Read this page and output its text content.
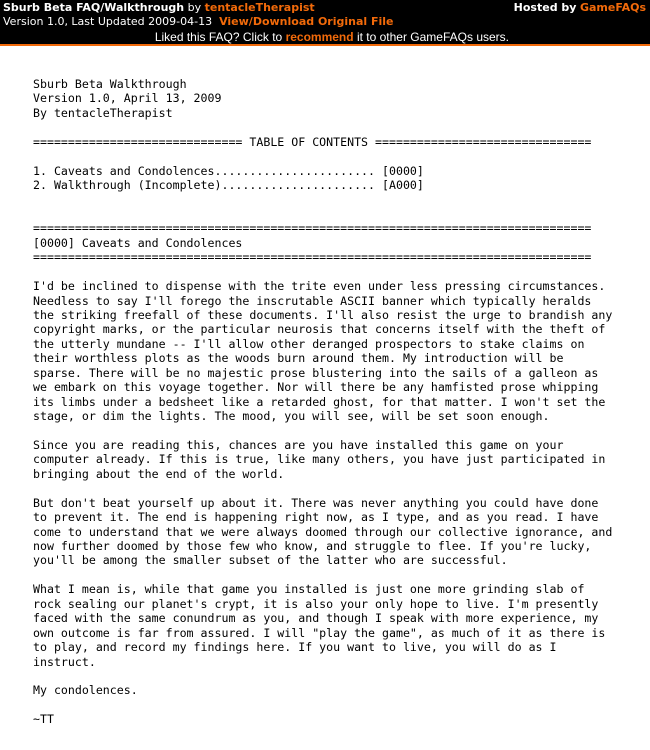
Sburb Beta FAQ/Walkthrough by tentacleTherapist
Version 1.0, Last Updated 2009-04-13 View/Download Original File
Hosted by GameFAQs
Liked this FAQ? Click to recommend it to other GameFAQs users.
Sburb Beta Walkthrough
Version 1.0, April 13, 2009
By tentacleTherapist
============================== TABLE OF CONTENTS ===============================
1. Caveats and Condolences....................... [0000]
2. Walkthrough (Incomplete)...................... [A000]
================================================================================
[0000] Caveats and Condolences
================================================================================
I'd be inclined to dispense with the trite even under less pressing circumstances.
Needless to say I'll forego the inscrutable ASCII banner which typically heralds
the striking freefall of these documents. I'll also resist the urge to brandish any
copyright marks, or the particular neurosis that concerns itself with the theft of
the utterly mundane -- I'll allow other deranged prospectors to stake claims on
their worthless plots as the woods burn around them. My introduction will be
sparse. There will be no majestic prose blustering into the sails of a galleon as
we embark on this voyage together. Nor will there be any hamfisted prose whipping
its limbs under a bedsheet like a retarded ghost, for that matter. I won't set the
stage, or dim the lights. The mood, you will see, will be set soon enough.
Since you are reading this, chances are you have installed this game on your
computer already. If this is true, like many others, you have just participated in
bringing about the end of the world.
But don't beat yourself up about it. There was never anything you could have done
to prevent it. The end is happening right now, as I type, and as you read. I have
come to understand that we were always doomed through our collective ignorance, and
now further doomed by those few who know, and struggle to flee. If you're lucky,
you'll be among the smaller subset of the latter who are successful.
What I mean is, while that game you installed is just one more grinding slab of
rock sealing our planet's crypt, it is also your only hope to live. I'm presently
faced with the same conundrum as you, and though I speak with more experience, my
own outcome is far from assured. I will "play the game", as much of it as there is
to play, and record my findings here. If you want to live, you will do as I
instruct.
My condolences.
~TT
